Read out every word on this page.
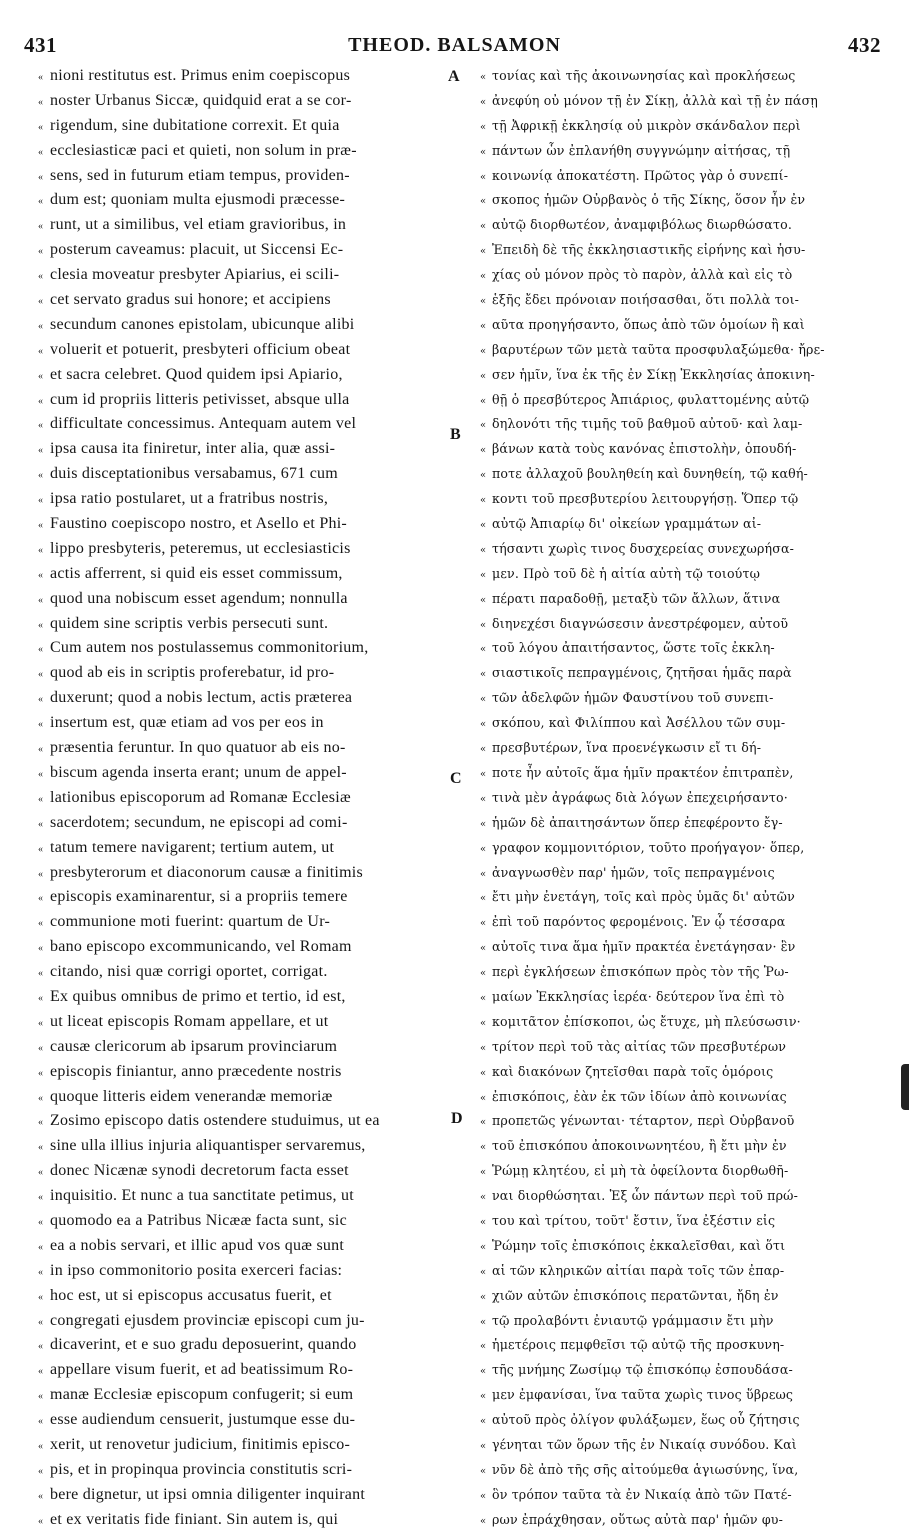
431	THEOD. BALSAMON	432
« nioni restitutus est. Primus enim coepiscopus
« noster Urbanus Siccæ, quidquid erat a se cor-
« rigendum, sine dubitatione correxit. Et quia
« ecclesiasticæ paci et quieti, non solum in præ-
« sens, sed in futurum etiam tempus, providen-
« dum est; quoniam multa ejusmodi præcesse-
« runt, ut a similibus, vel etiam gravioribus, in
« posterum caveamus: placuit, ut Siccensi Ec-
« clesia moveatur presbyter Apiarius, ei scili-
« cet servato gradus sui honore; et accipiens
« secundum canones epistolam, ubicunque alibi
« voluerit et potuerit, presbyteri officium obeat
« et sacra celebret. Quod quidem ipsi Apiario,
« cum id propriis litteris petivisset, absque ulla
« difficultate concessimus. Antequam autem vel
« ipsa causa ita finiretur, inter alia, quæ assi-
« duis disceptationibus versabamus, 671 cum
« ipsa ratio postularet, ut a fratribus nostris,
« Faustino coepiscopo nostro, et Asello et Phi-
« lippo presbyteris, peteremus, ut ecclesiasticis
« actis afferrent, si quid eis esset commissum,
« quod una nobiscum esset agendum; nonnulla
« quidem sine scriptis verbis persecuti sunt.
« Cum autem nos postulassemus commonitorium,
« quod ab eis in scriptis proferebatur, id pro-
« duxerunt; quod a nobis lectum, actis præterea
« insertum est, quæ etiam ad vos per eos in
« præsentia feruntur. In quo quatuor ab eis no-
« biscum agenda inserta erant; unum de appel-
« lationibus episcoporum ad Romanæ Ecclesiæ
« sacerdotem; secundum, ne episcopi ad comi-
« tatum temere navigarent; tertium autem, ut
« presbyterorum et diaconorum causæ a finitimis
« episcopis examinarentur, si a propriis temere
« communione moti fuerint: quartum de Ur-
« bano episcopo excommunicando, vel Romam
« citando, nisi quæ corrigi oportet, corrigat.
« Ex quibus omnibus de primo et tertio, id est,
« ut liceat episcopis Romam appellare, et ut
« causæ clericorum ab ipsarum provinciarum
« episcopis finiantur, anno præcedente nostris
« quoque litteris eidem venerandæ memoriæ
« Zosimo episcopo datis ostendere studuimus, ut ea
« sine ulla illius injuria aliquantisper servaremus,
« donec Nicænæ synodi decretorum facta esset
« inquisitio. Et nunc a tua sanctitate petimus, ut
« quomodo ea a Patribus Nicææ facta sunt, sic
« ea a nobis servari, et illic apud vos quæ sunt
« in ipso commonitorio posita exerceri facias:
« hoc est, ut si episcopus accusatus fuerit, et
« congregati ejusdem provinciæ episcopi cum ju-
« dicaverint, et e suo gradu deposuerint, quando
« appellare visum fuerit, et ad beatissimum Ro-
« manæ Ecclesiæ episcopum confugerit; si eum
« esse audiendum censuerit, justumque esse du-
« xerit, ut renovetur judicium, finitimis episco-
« pis, et in propinqua provincia constitutis scri-
« bere dignetur, ut ipsi omnia diligenter inquirant
« et ex veritatis fide finiant. Sin autem is, qui
« τονίας καὶ τῆς ἀκοινωνησίας καὶ προκλήσεως
« ἀνεφύη οὐ μόνον τῇ ἐν Σίκῃ, ἀλλὰ καὶ τῇ ἐν πάσῃ
« τῇ Ἀφρικῇ ἐκκλησίᾳ οὐ μικρὸν σκάνδαλον περὶ
« πάντων ὧν ἐπλανήθη συγγνώμην αἰτήσας, τῇ
« κοινωνίᾳ ἀποκατέστη. Πρῶτος γὰρ ὁ συνεπί-
« σκοπος ἡμῶν Οὐρβανὸς ὁ τῆς Σίκης, ὅσον ἦν ἐν
« αὐτῷ διορθωτέον, ἀναμφιβόλως διωρθώσατο.
« Ἐπειδὴ δὲ τῆς ἐκκλησιαστικῆς εἰρήνης καὶ ἡσυ-
« χίας οὐ μόνον πρὸς τὸ παρὸν, ἀλλὰ καὶ εἰς τὸ
« ἑξῆς ἔδει πρόνοιαν ποιήσασθαι, ὅτι πολλὰ τοι-
« αῦτα προηγήσαντο, ὅπως ἀπὸ τῶν ὁμοίων ἢ καὶ
« βαρυτέρων τῶν μετὰ ταῦτα προσφυλαξώμεθα· ἤρε-
« σεν ἡμῖν, ἵνα ἐκ τῆς ἐν Σίκῃ Ἐκκλησίας ἀποκινη-
« θῇ ὁ πρεσβύτερος Ἀπιάριος, φυλαττομένης αὐτῷ
« δηλονότι τῆς τιμῆς τοῦ βαθμοῦ αὐτοῦ· καὶ λαμ-
« βάνων κατὰ τοὺς κανόνας ἐπιστολὴν, ὁπουδή-
« ποτε ἀλλαχοῦ βουληθείη καὶ δυνηθείη, τῷ καθή-
« κοντι τοῦ πρεσβυτερίου λειτουργήσῃ. Ὅπερ τῷ
« αὐτῷ Ἀπιαρίῳ δι' οἰκείων γραμμάτων αἰ-
« τήσαντι χωρὶς τινος δυσχερείας συνεχωρήσα-
« μεν. Πρὸ τοῦ δὲ ἡ αἰτία αὐτὴ τῷ τοιούτῳ
« πέρατι παραδοθῇ, μεταξὺ τῶν ἄλλων, ἅτινα
« διηνεχέσι διαγνώσεσιν ἀνεστρέφομεν, αὐτοῦ
« τοῦ λόγου ἀπαιτήσαντος, ὥστε τοῖς ἐκκλη-
« σιαστικοῖς πεπραγμένοις, ζητῆσαι ἡμᾶς παρὰ
« τῶν ἀδελφῶν ἡμῶν Φαυστίνου τοῦ συνεπι-
« σκόπου, καὶ Φιλίππου καὶ Ἀσέλλου τῶν συμ-
« πρεσβυτέρων, ἵνα προενέγκωσιν εἴ τι δή-
« ποτε ἦν αὐτοῖς ἅμα ἡμῖν πρακτέον ἐπιτραπὲν,
« τινὰ μὲν ἀγράφως διὰ λόγων ἐπεχειρήσαντο·
« ἡμῶν δὲ ἀπαιτησάντων ὅπερ ἐπεφέροντο ἔγ-
« γραφον κομμονιτόριον, τοῦτο προήγαγον· ὅπερ,
« ἀναγνωσθὲν παρ' ἡμῶν, τοῖς πεπραγμένοις
« ἔτι μὴν ἐνετάγη, τοῖς καὶ πρὸς ὑμᾶς δι' αὐτῶν
« ἐπὶ τοῦ παρόντος φερομένοις. Ἐν ᾧ τέσσαρα
« αὐτοῖς τινα ἅμα ἡμῖν πρακτέα ἐνετάγησαν· ἓν
« περὶ ἐγκλήσεων ἐπισκόπων πρὸς τὸν τῆς Ῥω-
« μαίων Ἐκκλησίας ἱερέα· δεύτερον ἵνα ἐπὶ τὸ
« κομιτᾶτον ἐπίσκοποι, ὡς ἔτυχε, μὴ πλεύσωσιν·
« τρίτον περὶ τοῦ τὰς αἰτίας τῶν πρεσβυτέρων
« καὶ διακόνων ζητεῖσθαι παρὰ τοῖς ὁμόροις
« ἐπισκόποις, ἐὰν ἐκ τῶν ἰδίων ἀπὸ κοινωνίας
« προπετῶς γένωνται· τέταρτον, περὶ Οὐρβανοῦ
« τοῦ ἐπισκόπου ἀποκοινωνητέου, ἢ ἔτι μὴν ἐν
« Ῥώμῃ κλητέου, εἰ μὴ τὰ ὀφείλοντα διορθωθῆ-
« ναι διορθώσηται. Ἐξ ὧν πάντων περὶ τοῦ πρώ-
« του καὶ τρίτου, τοῦτ' ἔστιν, ἵνα ἐξέστιν εἰς
« Ῥώμην τοῖς ἐπισκόποις ἐκκαλεῖσθαι, καὶ ὅτι
« αἱ τῶν κληρικῶν αἰτίαι παρὰ τοῖς τῶν ἐπαρ-
« χιῶν αὐτῶν ἐπισκόποις περατῶνται, ἤδη ἐν
« τῷ προλαβόντι ἐνιαυτῷ γράμμασιν ἔτι μὴν
« ἡμετέροις πεμφθεῖσι τῷ αὐτῷ τῆς προσκυνη-
« τῆς μνήμης Ζωσίμῳ τῷ ἐπισκόπῳ ἐσπουδάσα-
« μεν ἐμφανίσαι, ἵνα ταῦτα χωρὶς τινος ὕβρεως
« αὐτοῦ πρὸς ὀλίγον φυλάξωμεν, ἕως οὗ ζήτησις
« γένηται τῶν ὅρων τῆς ἐν Νικαίᾳ συνόδου. Καὶ
« νῦν δὲ ἀπὸ τῆς σῆς αἰτούμεθα ἁγιωσύνης, ἵνα,
« ὃν τρόπον ταῦτα τὰ ἐν Νικαίᾳ ἀπὸ τῶν Πατέ-
« ρων ἐπράχθησαν, οὕτως αὐτὰ παρ' ἡμῶν φυ-
A
B
C
D
